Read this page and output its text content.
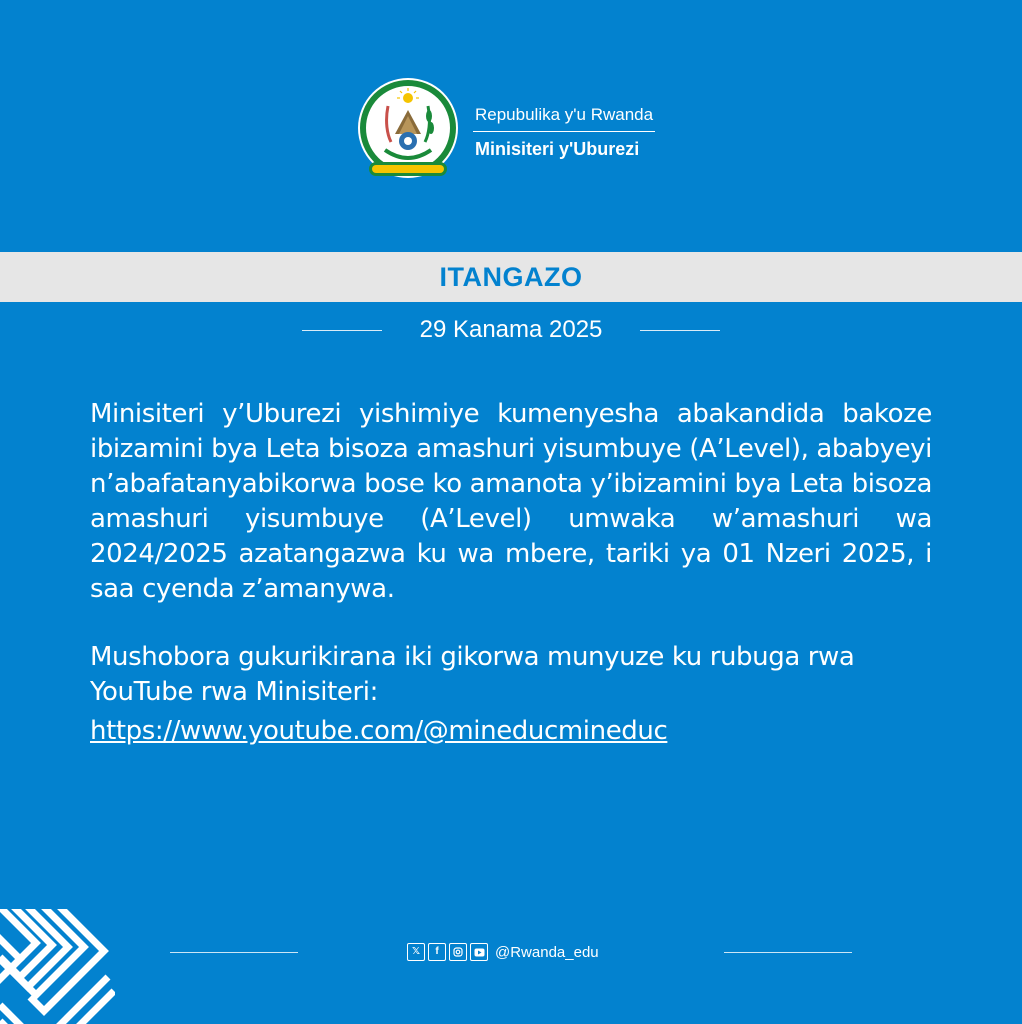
Repubulika y'u Rwanda
Minisiteri y'Uburezi
ITANGAZO
29 Kanama 2025
Minisiteri y’Uburezi yishimiye kumenyesha abakandida bakoze ibizamini bya Leta bisoza amashuri yisumbuye (A’Level), ababyeyi n’abafatanyabikorwa bose ko amanota y’ibizamini bya Leta bisoza amashuri yisumbuye (A’Level) umwaka w’amashuri wa 2024/2025 azatangazwa ku wa mbere, tariki ya 01 Nzeri 2025, i saa cyenda z’amanywa.
Mushobora gukurikirana iki gikorwa munyuze ku rubuga rwa YouTube rwa Minisiteri:
https://www.youtube.com/@mineducmineduc
𝕏	f	@Rwanda_edu
